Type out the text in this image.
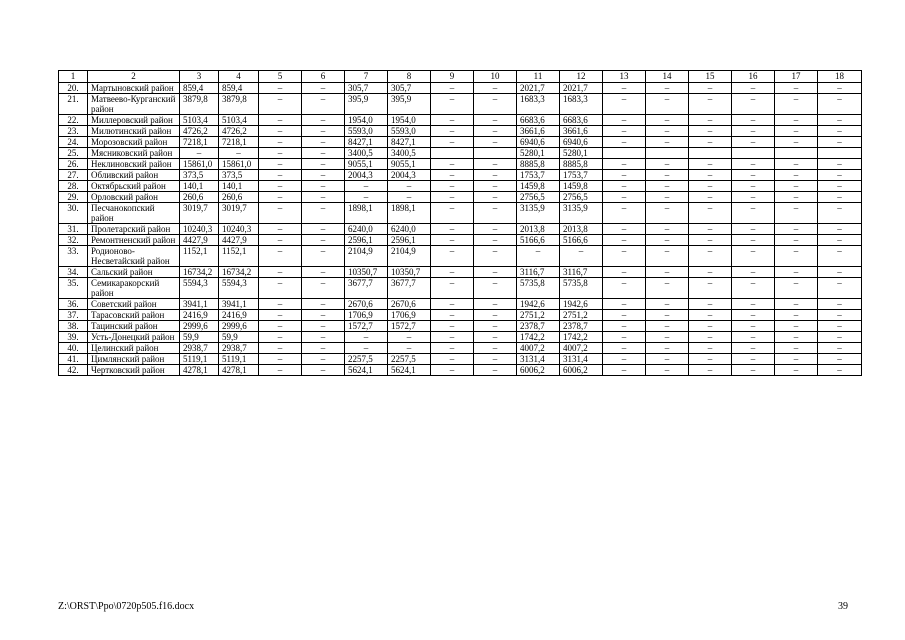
1	2	3	4	5	6	7	8	9	10	11	12	13	14	15	16	17	18
20.	Мартыновский район	859,4	859,4	–	–	305,7	305,7	–	–	2021,7	2021,7	–	–	–	–	–	–
21.	Матвеево-Курганский район	3879,8	3879,8	–	–	395,9	395,9	–	–	1683,3	1683,3	–	–	–	–	–	–
22.	Миллеровский район	5103,4	5103,4	–	–	1954,0	1954,0	–	–	6683,6	6683,6	–	–	–	–	–	–
23.	Милютинский район	4726,2	4726,2	–	–	5593,0	5593,0	–	–	3661,6	3661,6	–	–	–	–	–	–
24.	Морозовский район	7218,1	7218,1	–	–	8427,1	8427,1	–	–	6940,6	6940,6	–	–	–	–	–	–
25.	Мясниковский район	–	–	–	–	3400,5	3400,5			5280,1	5280,1						
26.	Неклиновский район	15861,0	15861,0	–	–	9055,1	9055,1	–	–	8885,8	8885,8	–	–	–	–	–	–
27.	Обливский район	373,5	373,5	–	–	2004,3	2004,3	–	–	1753,7	1753,7	–	–	–	–	–	–
28.	Октябрьский район	140,1	140,1	–	–	–	–	–	–	1459,8	1459,8	–	–	–	–	–	–
29.	Орловский район	260,6	260,6	–	–	–	–	–	–	2756,5	2756,5	–	–	–	–	–	–
30.	Песчанокопский район	3019,7	3019,7	–	–	1898,1	1898,1	–	–	3135,9	3135,9	–	–	–	–	–	–
31.	Пролетарский район	10240,3	10240,3	–	–	6240,0	6240,0	–	–	2013,8	2013,8	–	–	–	–	–	–
32.	Ремонтненский район	4427,9	4427,9	–	–	2596,1	2596,1	–	–	5166,6	5166,6	–	–	–	–	–	–
33.	Родионово-Несветайский район	1152,1	1152,1	–	–	2104,9	2104,9	–	–	–	–	–	–	–	–	–	–
34.	Сальский район	16734,2	16734,2	–	–	10350,7	10350,7	–	–	3116,7	3116,7	–	–	–	–	–	–
35.	Семикаракорский район	5594,3	5594,3	–	–	3677,7	3677,7	–	–	5735,8	5735,8	–	–	–	–	–	–
36.	Советский район	3941,1	3941,1	–	–	2670,6	2670,6	–	–	1942,6	1942,6	–	–	–	–	–	–
37.	Тарасовский район	2416,9	2416,9	–	–	1706,9	1706,9	–	–	2751,2	2751,2	–	–	–	–	–	–
38.	Тацинский район	2999,6	2999,6	–	–	1572,7	1572,7	–	–	2378,7	2378,7	–	–	–	–	–	–
39.	Усть-Донецкий район	59,9	59,9	–	–	–	–	–	–	1742,2	1742,2	–	–	–	–	–	–
40.	Целинский район	2938,7	2938,7	–	–	–	–	–	–	4007,2	4007,2	–	–	–	–	–	–
41.	Цимлянский район	5119,1	5119,1	–	–	2257,5	2257,5	–	–	3131,4	3131,4	–	–	–	–	–	–
42.	Чертковский район	4278,1	4278,1	–	–	5624,1	5624,1	–	–	6006,2	6006,2	–	–	–	–	–	–
Z:\ORST\Ppo\0720p505.f16.docx	39
